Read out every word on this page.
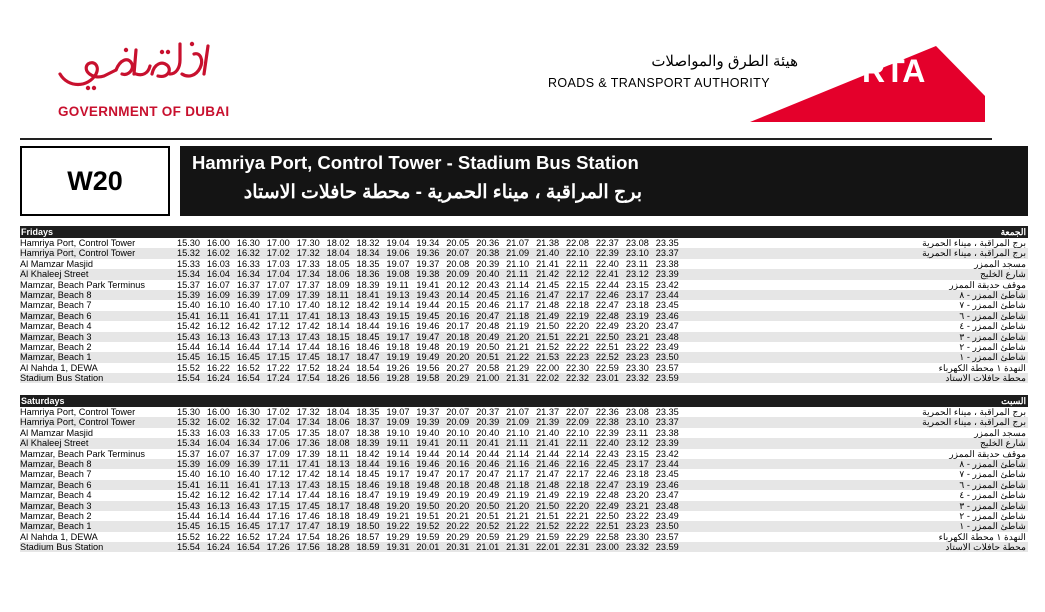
GOVERNMENT OF DUBAI
هيئة الطرق والمواصلات
ROADS & TRANSPORT AUTHORITY	RTA
W20
Hamriya Port, Control Tower - Stadium Bus Station
برج المراقبة ، ميناء الحمرية - محطة حافلات الاستاد
Fridays	الجمعة
Hamriya Port, Control Tower	15.30 16.00 16.30 17.00 17.30 18.02 18.32 19.04 19.34 20.05 20.36 21.07 21.38 22.08 22.37 23.08 23.35	برج المراقبة ، ميناء الحمرية
Hamriya Port, Control Tower	15.32 16.02 16.32 17.02 17.32 18.04 18.34 19.06 19.36 20.07 20.38 21.09 21.40 22.10 22.39 23.10 23.37	برج المراقبة ، ميناء الحمرية
Al Mamzar Masjid	15.33 16.03 16.33 17.03 17.33 18.05 18.35 19.07 19.37 20.08 20.39 21.10 21.41 22.11 22.40 23.11 23.38	مسجد الممزر
Al Khaleej Street	15.34 16.04 16.34 17.04 17.34 18.06 18.36 19.08 19.38 20.09 20.40 21.11 21.42 22.12 22.41 23.12 23.39	شارع الخليج
Mamzar, Beach Park Terminus	15.37 16.07 16.37 17.07 17.37 18.09 18.39 19.11 19.41 20.12 20.43 21.14 21.45 22.15 22.44 23.15 23.42	موقف حديقة الممزر
Mamzar, Beach 8	15.39 16.09 16.39 17.09 17.39 18.11 18.41 19.13 19.43 20.14 20.45 21.16 21.47 22.17 22.46 23.17 23.44	شاطئ الممزر - ٨
Mamzar, Beach 7	15.40 16.10 16.40 17.10 17.40 18.12 18.42 19.14 19.44 20.15 20.46 21.17 21.48 22.18 22.47 23.18 23.45	شاطئ الممزر - ٧
Mamzar, Beach 6	15.41 16.11 16.41 17.11 17.41 18.13 18.43 19.15 19.45 20.16 20.47 21.18 21.49 22.19 22.48 23.19 23.46	شاطئ الممزر - ٦
Mamzar, Beach 4	15.42 16.12 16.42 17.12 17.42 18.14 18.44 19.16 19.46 20.17 20.48 21.19 21.50 22.20 22.49 23.20 23.47	شاطئ الممزر - ٤
Mamzar, Beach 3	15.43 16.13 16.43 17.13 17.43 18.15 18.45 19.17 19.47 20.18 20.49 21.20 21.51 22.21 22.50 23.21 23.48	شاطئ الممزر - ٣
Mamzar, Beach 2	15.44 16.14 16.44 17.14 17.44 18.16 18.46 19.18 19.48 20.19 20.50 21.21 21.52 22.22 22.51 23.22 23.49	شاطئ الممزر - ٢
Mamzar, Beach 1	15.45 16.15 16.45 17.15 17.45 18.17 18.47 19.19 19.49 20.20 20.51 21.22 21.53 22.23 22.52 23.23 23.50	شاطئ الممزر - ١
Al Nahda 1, DEWA	15.52 16.22 16.52 17.22 17.52 18.24 18.54 19.26 19.56 20.27 20.58 21.29 22.00 22.30 22.59 23.30 23.57	النهدة ١ محطة الكهرباء
Stadium Bus Station	15.54 16.24 16.54 17.24 17.54 18.26 18.56 19.28 19.58 20.29 21.00 21.31 22.02 22.32 23.01 23.32 23.59	محطة حافلات الاستاد
Saturdays	السبت
Hamriya Port, Control Tower	15.30 16.00 16.30 17.02 17.32 18.04 18.35 19.07 19.37 20.07 20.37 21.07 21.37 22.07 22.36 23.08 23.35	برج المراقبة ، ميناء الحمرية
Hamriya Port, Control Tower	15.32 16.02 16.32 17.04 17.34 18.06 18.37 19.09 19.39 20.09 20.39 21.09 21.39 22.09 22.38 23.10 23.37	برج المراقبة ، ميناء الحمرية
Al Mamzar Masjid	15.33 16.03 16.33 17.05 17.35 18.07 18.38 19.10 19.40 20.10 20.40 21.10 21.40 22.10 22.39 23.11 23.38	مسجد الممزر
Al Khaleej Street	15.34 16.04 16.34 17.06 17.36 18.08 18.39 19.11 19.41 20.11 20.41 21.11 21.41 22.11 22.40 23.12 23.39	شارع الخليج
Mamzar, Beach Park Terminus	15.37 16.07 16.37 17.09 17.39 18.11 18.42 19.14 19.44 20.14 20.44 21.14 21.44 22.14 22.43 23.15 23.42	موقف حديقة الممزر
Mamzar, Beach 8	15.39 16.09 16.39 17.11 17.41 18.13 18.44 19.16 19.46 20.16 20.46 21.16 21.46 22.16 22.45 23.17 23.44	شاطئ الممزر - ٨
Mamzar, Beach 7	15.40 16.10 16.40 17.12 17.42 18.14 18.45 19.17 19.47 20.17 20.47 21.17 21.47 22.17 22.46 23.18 23.45	شاطئ الممزر - ٧
Mamzar, Beach 6	15.41 16.11 16.41 17.13 17.43 18.15 18.46 19.18 19.48 20.18 20.48 21.18 21.48 22.18 22.47 23.19 23.46	شاطئ الممزر - ٦
Mamzar, Beach 4	15.42 16.12 16.42 17.14 17.44 18.16 18.47 19.19 19.49 20.19 20.49 21.19 21.49 22.19 22.48 23.20 23.47	شاطئ الممزر - ٤
Mamzar, Beach 3	15.43 16.13 16.43 17.15 17.45 18.17 18.48 19.20 19.50 20.20 20.50 21.20 21.50 22.20 22.49 23.21 23.48	شاطئ الممزر - ٣
Mamzar, Beach 2	15.44 16.14 16.44 17.16 17.46 18.18 18.49 19.21 19.51 20.21 20.51 21.21 21.51 22.21 22.50 23.22 23.49	شاطئ الممزر - ٢
Mamzar, Beach 1	15.45 16.15 16.45 17.17 17.47 18.19 18.50 19.22 19.52 20.22 20.52 21.22 21.52 22.22 22.51 23.23 23.50	شاطئ الممزر - ١
Al Nahda 1, DEWA	15.52 16.22 16.52 17.24 17.54 18.26 18.57 19.29 19.59 20.29 20.59 21.29 21.59 22.29 22.58 23.30 23.57	النهدة ١ محطة الكهرباء
Stadium Bus Station	15.54 16.24 16.54 17.26 17.56 18.28 18.59 19.31 20.01 20.31 21.01 21.31 22.01 22.31 23.00 23.32 23.59	محطة حافلات الاستاد
